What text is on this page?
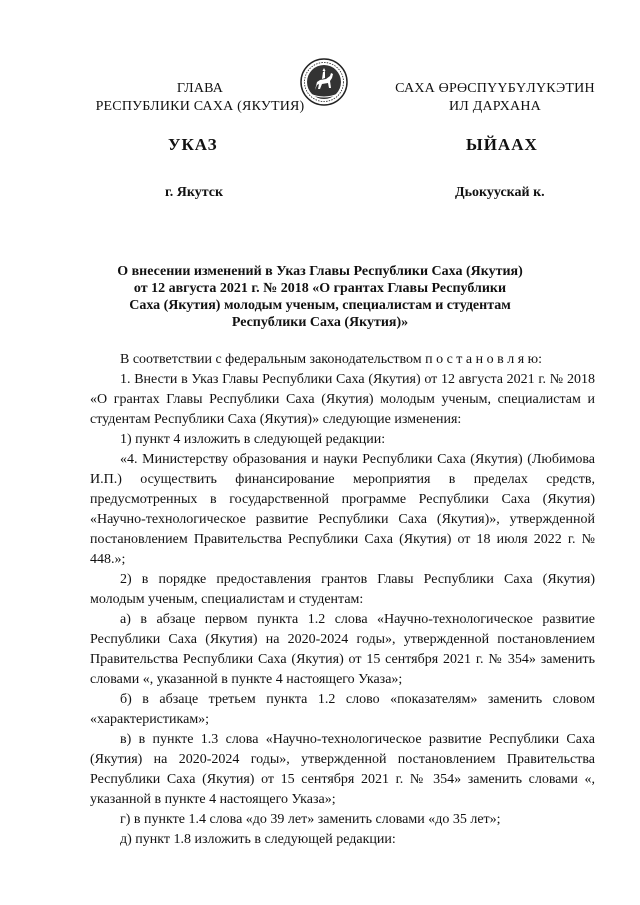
ГЛАВА
РЕСПУБЛИКИ САХА (ЯКУТИЯ)
САХА ӨРӨСПҮҮБҮЛҮКЭТИН
ИЛ ДАРХАНА
УКАЗ	ЫЙААХ
г. Якутск	Дьокуускай к.
О внесении изменений в Указ Главы Республики Саха (Якутия)
от 12 августа 2021 г. № 2018 «О грантах Главы Республики
Саха (Якутия) молодым ученым, специалистам и студентам
Республики Саха (Якутия)»

В соответствии с федеральным законодательством п о с т а н о в л я ю:

1. Внести в Указ Главы Республики Саха (Якутия) от 12 августа 2021 г. № 2018 «О грантах Главы Республики Саха (Якутия) молодым ученым, специалистам и студентам Республики Саха (Якутия)» следующие изменения:

1) пункт 4 изложить в следующей редакции:

«4. Министерству образования и науки Республики Саха (Якутия) (Любимова И.П.) осуществить финансирование мероприятия в пределах средств, предусмотренных в государственной программе Республики Саха (Якутия) «Научно-технологическое развитие Республики Саха (Якутия)», утвержденной постановлением Правительства Республики Саха (Якутия) от 18 июля 2022 г. № 448.»;

2) в порядке предоставления грантов Главы Республики Саха (Якутия) молодым ученым, специалистам и студентам:

а) в абзаце первом пункта 1.2 слова «Научно-технологическое развитие Республики Саха (Якутия) на 2020-2024 годы», утвержденной постановлением Правительства Республики Саха (Якутия) от 15 сентября 2021 г. № 354» заменить словами «, указанной в пункте 4 настоящего Указа»;

б) в абзаце третьем пункта 1.2 слово «показателям» заменить словом «характеристикам»;

в) в пункте 1.3 слова «Научно-технологическое развитие Республики Саха (Якутия) на 2020-2024 годы», утвержденной постановлением Правительства Республики Саха (Якутия) от 15 сентября 2021 г. № 354» заменить словами «, указанной в пункте 4 настоящего Указа»;

г) в пункте 1.4 слова «до 39 лет» заменить словами «до 35 лет»;

д) пункт 1.8 изложить в следующей редакции:
